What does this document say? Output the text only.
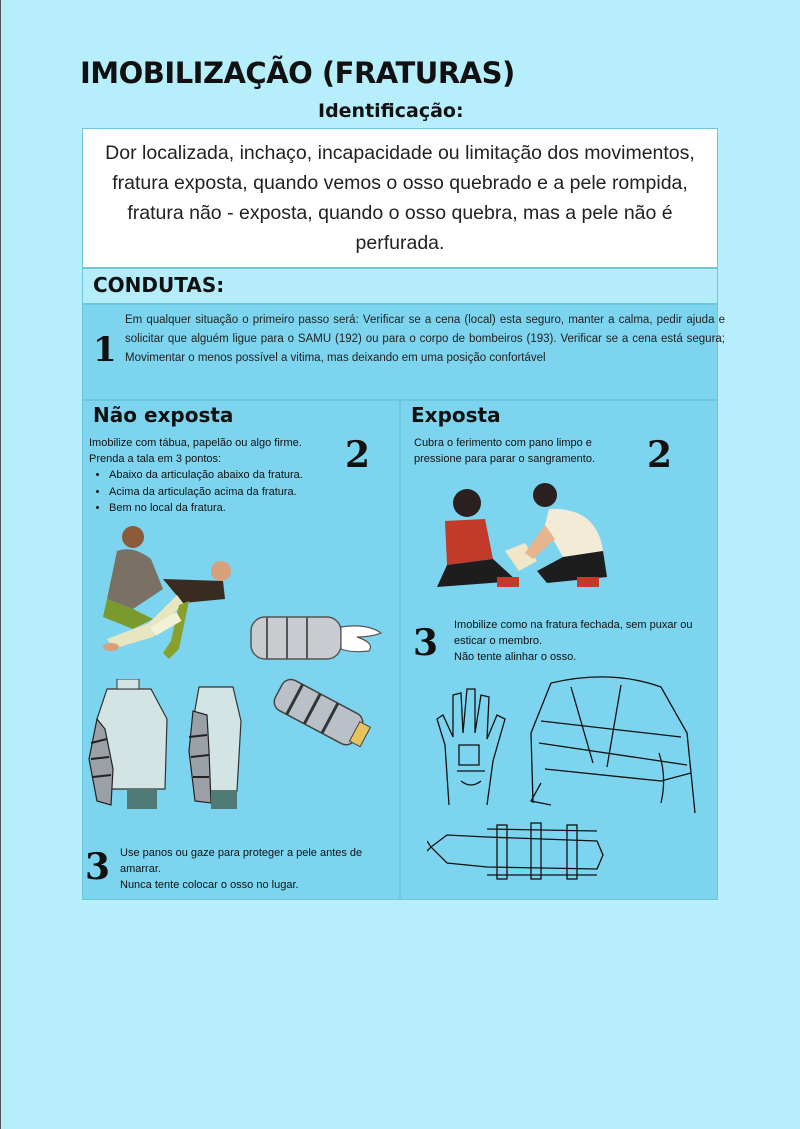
IMOBILIZAÇÃO (FRATURAS)
Identificação:
Dor localizada, inchaço, incapacidade ou limitação dos movimentos, fratura exposta, quando vemos o osso quebrado e a pele rompida, fratura não - exposta, quando o osso quebra, mas a pele não é perfurada.
CONDUTAS:
1
Em qualquer situação o primeiro passo será: Verificar se a cena (local) esta seguro, manter a calma, pedir ajuda e solicitar que alguém ligue para o SAMU (192) ou para o corpo de bombeiros (193). Verificar se a cena está segura; Movimentar o menos possível a vitima, mas deixando em uma posição confortável
Não exposta
2
Imobilize com tábua, papelão ou algo firme.
Prenda a tala em 3 pontos:
• Abaixo da articulação abaixo da fratura.
• Acima da articulação acima da fratura.
• Bem no local da fratura.
3 Use panos ou gaze para proteger a pele antes de amarrar.
Nunca tente colocar o osso no lugar.
Exposta
2
Cubra o ferimento com pano limpo e pressione para parar o sangramento.
3 Imobilize como na fratura fechada, sem puxar ou esticar o membro.
Não tente alinhar o osso.
